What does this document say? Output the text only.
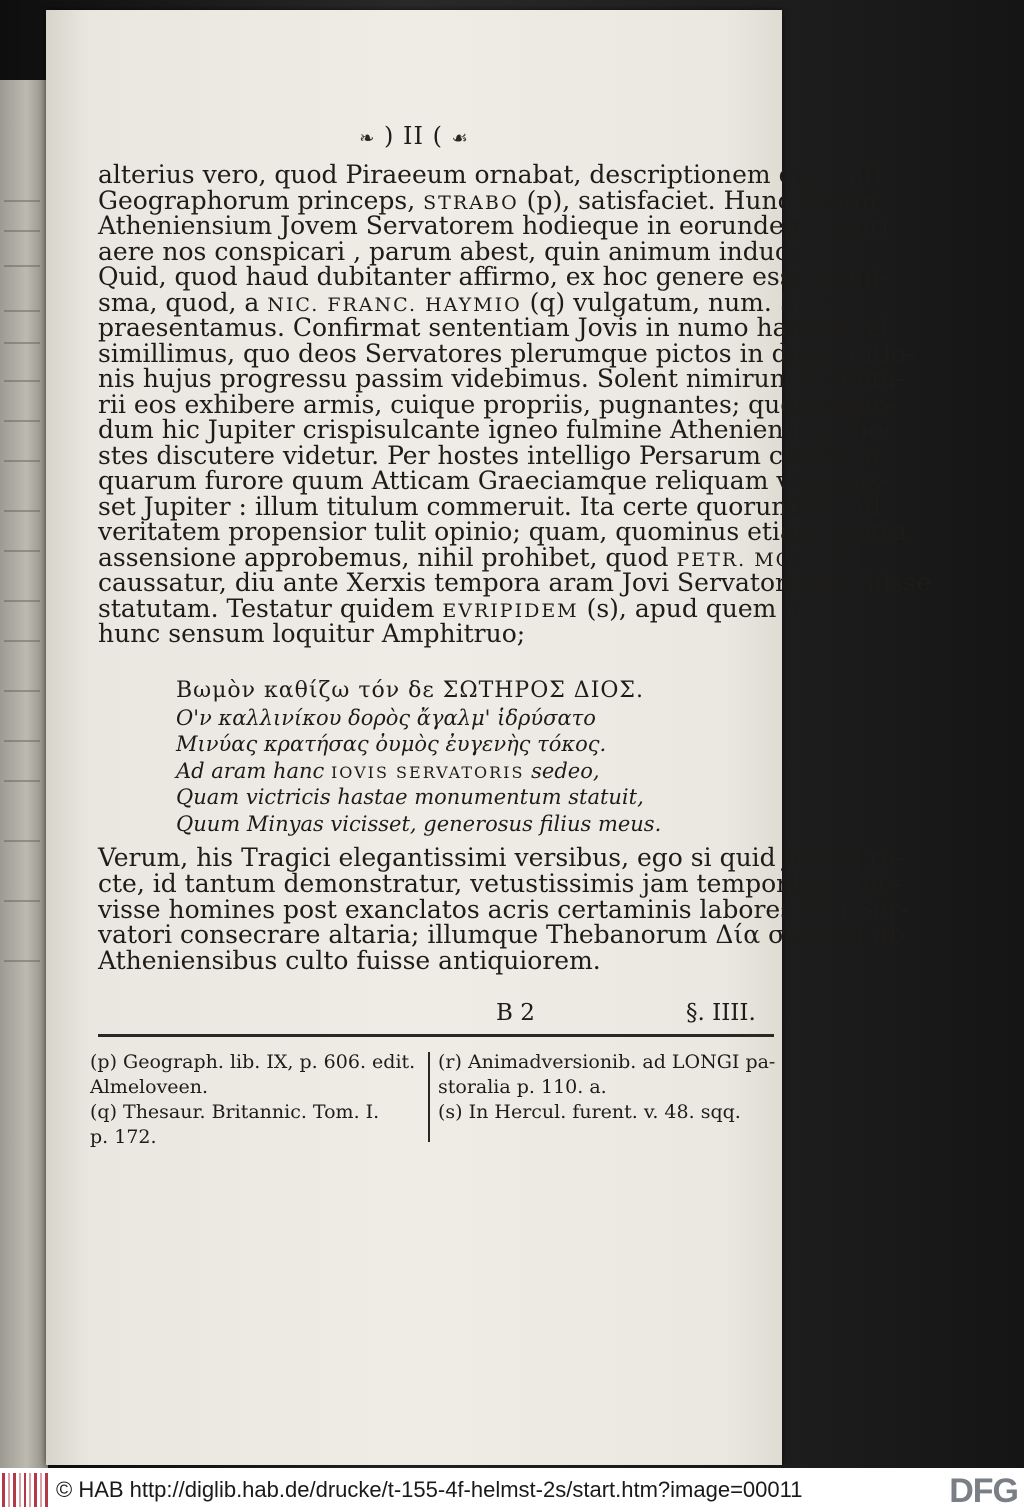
❧ ) II ( ☙
alterius vero, quod Piraeeum ornabat, descriptionem cupienti
Geographorum princeps, STRABO (p), satisfaciet. Hunc ipsum
Atheniensium Jovem Servatorem hodieque in eorundem veteri
aere nos conspicari , parum abest, quin animum inducam.
Quid, quod haud dubitanter affirmo, ex hoc genere esse numi-
sma, quod, a NIC. FRANC. HAYMIO (q) vulgatum, num. 5. re-
praesentamus. Confirmat sententiam Jovis in numo habitus, ei
simillimus, quo deos Servatores plerumque pictos in dissertatio-
nis hujus progressu passim videbimus. Solent nimirum moneta-
rii eos exhibere armis, cuique propriis, pugnantes; quemadmo-
dum hic Jupiter crispisulcante igneo fulmine Atheniensium ho-
stes discutere videtur. Per hostes intelligo Persarum copias, a
quarum furore quum Atticam Graeciamque reliquam vindicas-
set Jupiter : illum titulum commeruit. Ita certe quorundam ad
veritatem propensior tulit opinio; quam, quominus etiam nostra
assensione approbemus, nihil prohibet, quod PETR. MOLL
caussatur, diu ante Xerxis tempora aram Jovi Servatori jam fuisse
statutam. Testatur quidem EVRIPIDEM (s), apud quem in
hunc sensum loquitur Amphitruo;
Βωμὸν καθίζω τόν δε ΣΩΤΗΡΟΣ ΔΙΟΣ.
Ο'ν καλλινίκου δορὸς ἄγαλμ' ἱδρύσατο
Μινύας κρατήσας ὀυμὸς ἐυγενὴς τόκος.
Ad aram hanc IOVIS SERVATORIS sedeo,
Quam victricis hastae monumentum statuit,
Quum Minyas vicisset, generosus filius meus.
Verum, his Tragici elegantissimi versibus, ego si quid judico re-
cte, id tantum demonstratur, vetustissimis jam temporibus sue-
visse homines post exanclatos acris certaminis labores Jovi Ser-
vatori consecrare altaria; illumque Thebanorum Δία σωτῆρα ab
Atheniensibus culto fuisse antiquiorem.
B 2	§. IIII.
(p) Geograph. lib. IX, p. 606. edit.
Almeloveen.
(q) Thesaur. Britannic. Tom. I.
p. 172.
(r) Animadversionib. ad LONGI pa-
storalia p. 110. a.
(s) In Hercul. furent. v. 48. sqq.
© HAB http://diglib.hab.de/drucke/t-155-4f-helmst-2s/start.htm?image=00011	DFG
